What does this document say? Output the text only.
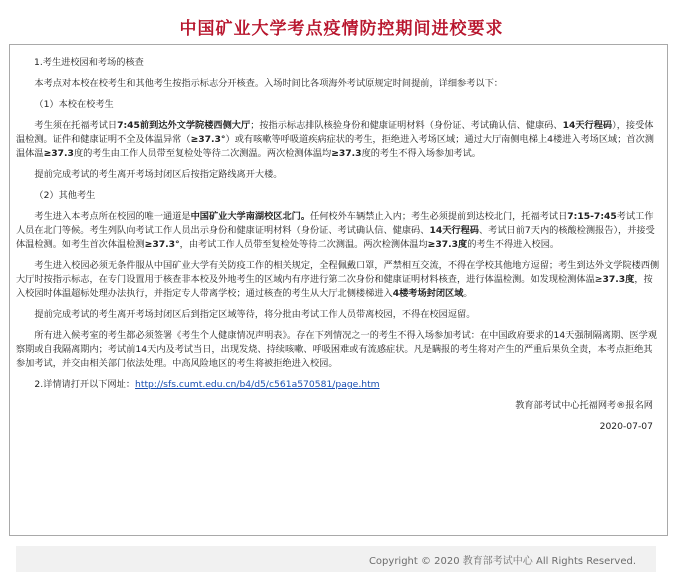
中国矿业大学考点疫情防控期间进校要求

1.考生进校园和考场的核查

本考点对本校在校考生和其他考生按指示标志分开核查。入场时间比各项海外考试原规定时间提前，详细参考以下：

（1）本校在校考生

考生须在托福考试日7:45前到达外文学院楼西侧大厅；按指示标志排队核验身份和健康证明材料（身份证、考试确认信、健康码、14天行程码），接受体温检测。证件和健康证明不全及体温异常（≥37.3°）或有咳嗽等呼吸道疾病症状的考生，拒绝进入考场区域；通过大厅南侧电梯上4楼进入考场区域；首次测温体温≥37.3度的考生由工作人员带至复检处等待二次测温。两次检测体温均≥37.3度的考生不得入场参加考试。

提前完成考试的考生离开考场封闭区后按指定路线离开大楼。

（2）其他考生

考生进入本考点所在校园的唯一通道是中国矿业大学南湖校区北门。任何校外车辆禁止入内；考生必须提前到达校北门，托福考试日7:15-7:45考试工作人员在北门等候。考生列队向考试工作人员出示身份和健康证明材料（身份证、考试确认信、健康码、14天行程码、考试日前7天内的核酸检测报告），并接受体温检测。如考生首次体温检测≥37.3°，由考试工作人员带至复检处等待二次测温。两次检测体温均≥37.3度的考生不得进入校园。

考生进入校园必须无条件服从中国矿业大学有关防疫工作的相关规定，全程佩戴口罩，严禁相互交流，不得在学校其他地方逗留；考生到达外文学院楼西侧大厅时按指示标志，在专门设置用于核查非本校及外地考生的区域内有序进行第二次身份和健康证明材料核查，进行体温检测。如发现检测体温≥37.3度，按入校园时体温超标处理办法执行，并指定专人带离学校；通过核查的考生从大厅北侧楼梯进入4楼考场封闭区域。

提前完成考试的考生离开考场封闭区后到指定区域等待，将分批由考试工作人员带离校园，不得在校园逗留。

所有进入候考室的考生都必须签署《考生个人健康情况声明表》。存在下列情况之一的考生不得入场参加考试：在中国政府要求的14天强制隔离期、医学观察期或自我隔离期内；考试前14天内及考试当日，出现发烧、持续咳嗽、呼吸困难或有流感症状。凡是瞒报的考生将对产生的严重后果负全责，本考点拒绝其参加考试，并交由相关部门依法处理。中高风险地区的考生将被拒绝进入校园。

2.详情请打开以下网址：http://sfs.cumt.edu.cn/b4/d5/c561a570581/page.htm

教育部考试中心托福网考®报名网

2020-07-07

Copyright © 2020 教育部考试中心 All Rights Reserved.
